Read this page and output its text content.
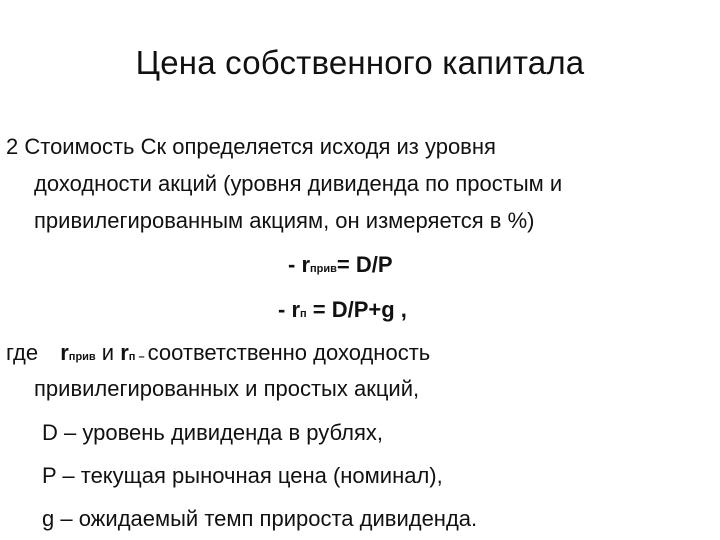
Цена собственного капитала
2 Стоимость Ск определяется исходя из уровня
доходности акций (уровня дивиденда по простым и
привилегированным акциям, он измеряется в %)
- rприв= D/P
- rп = D/P+g ,
где rприв и rп – соответственно доходность
привилегированных и простых акций,
D – уровень дивиденда в рублях,
P – текущая рыночная цена (номинал),
g – ожидаемый темп прироста дивиденда.
